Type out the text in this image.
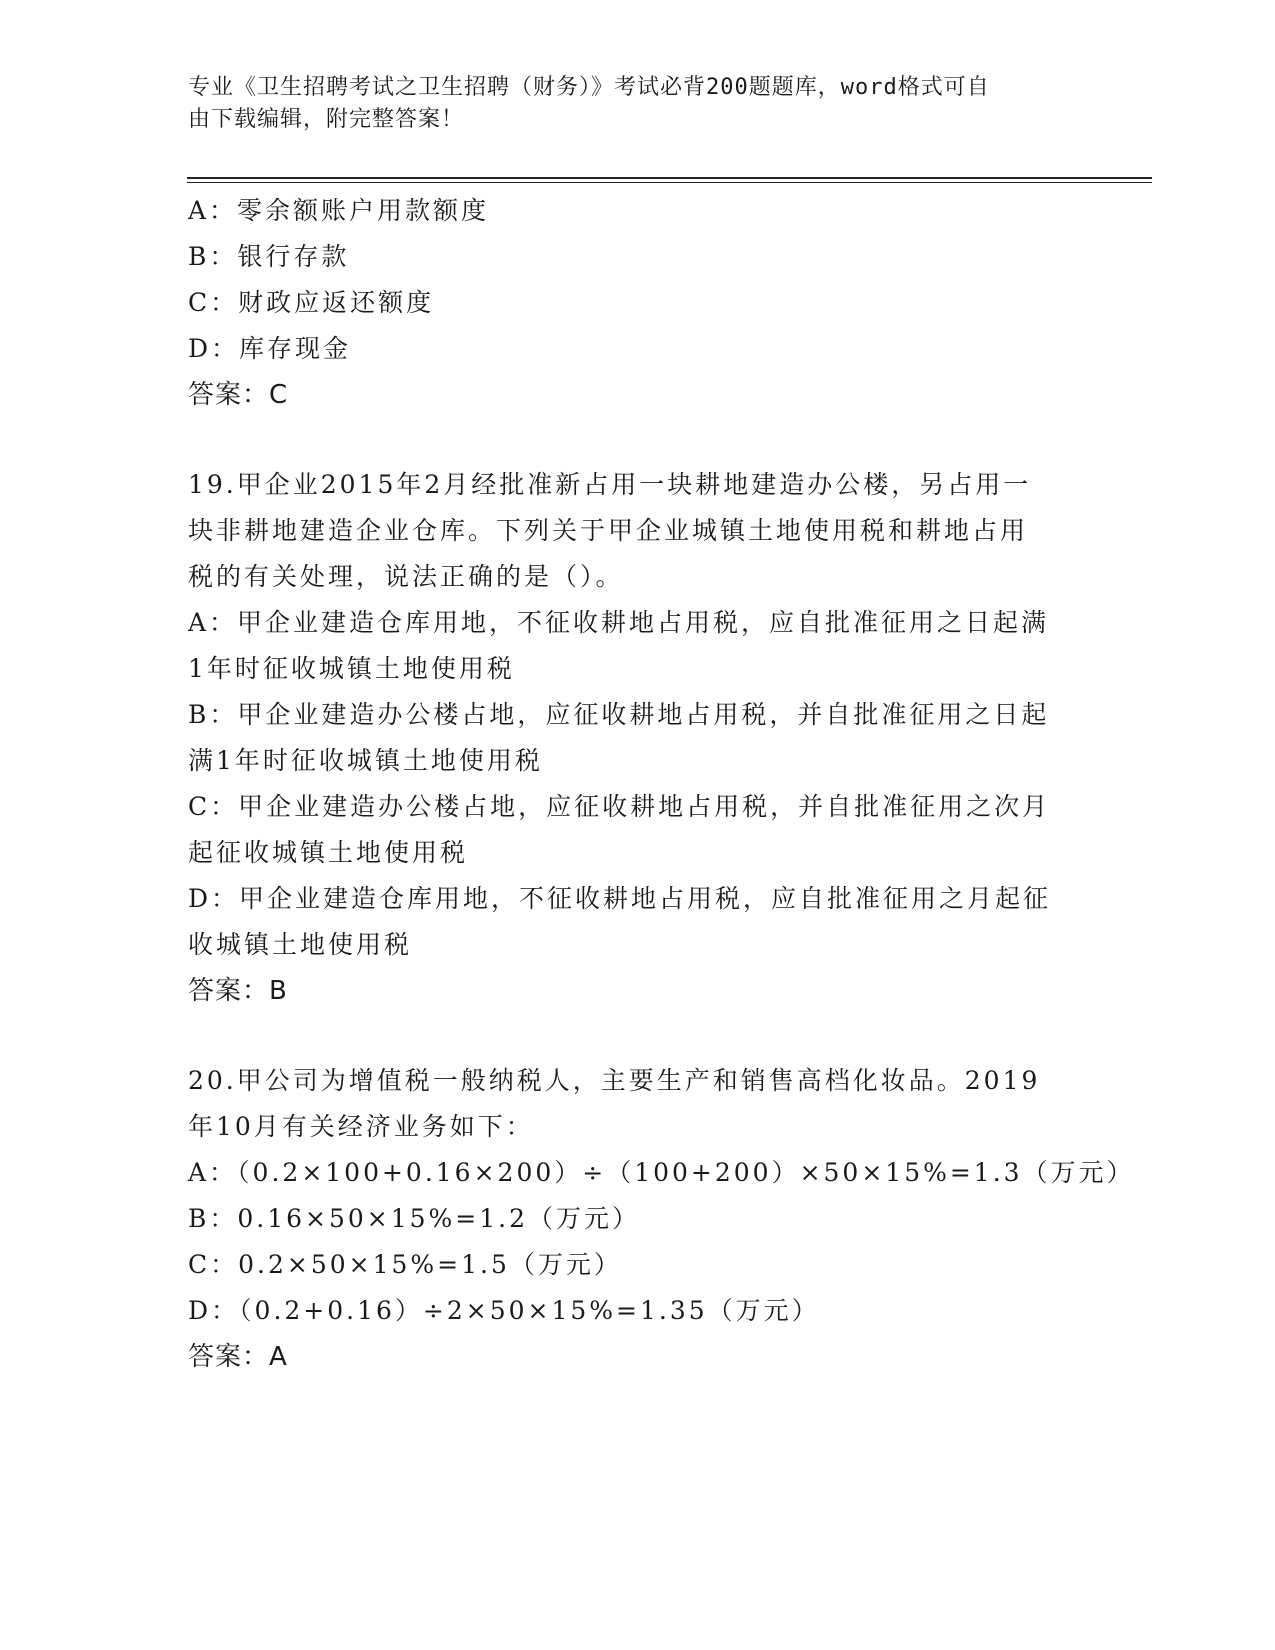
专业《卫生招聘考试之卫生招聘（财务）》考试必背200题题库，word格式可自
由下载编辑，附完整答案！
A：零余额账户用款额度
B：银行存款
C：财政应返还额度
D：库存现金
答案：C
19.甲企业2015年2月经批准新占用一块耕地建造办公楼，另占用一
块非耕地建造企业仓库。下列关于甲企业城镇土地使用税和耕地占用
税的有关处理，说法正确的是（）。
A：甲企业建造仓库用地，不征收耕地占用税，应自批准征用之日起满
1年时征收城镇土地使用税
B：甲企业建造办公楼占地，应征收耕地占用税，并自批准征用之日起
满1年时征收城镇土地使用税
C：甲企业建造办公楼占地，应征收耕地占用税，并自批准征用之次月
起征收城镇土地使用税
D：甲企业建造仓库用地，不征收耕地占用税，应自批准征用之月起征
收城镇土地使用税
答案：B
20.甲公司为增值税一般纳税人，主要生产和销售高档化妆品。2019
年10月有关经济业务如下：
A：（0.2×100+0.16×200）÷（100+200）×50×15%=1.3（万元）
B：0.16×50×15%=1.2（万元）
C：0.2×50×15%=1.5（万元）
D：（0.2+0.16）÷2×50×15%=1.35（万元）
答案：A
